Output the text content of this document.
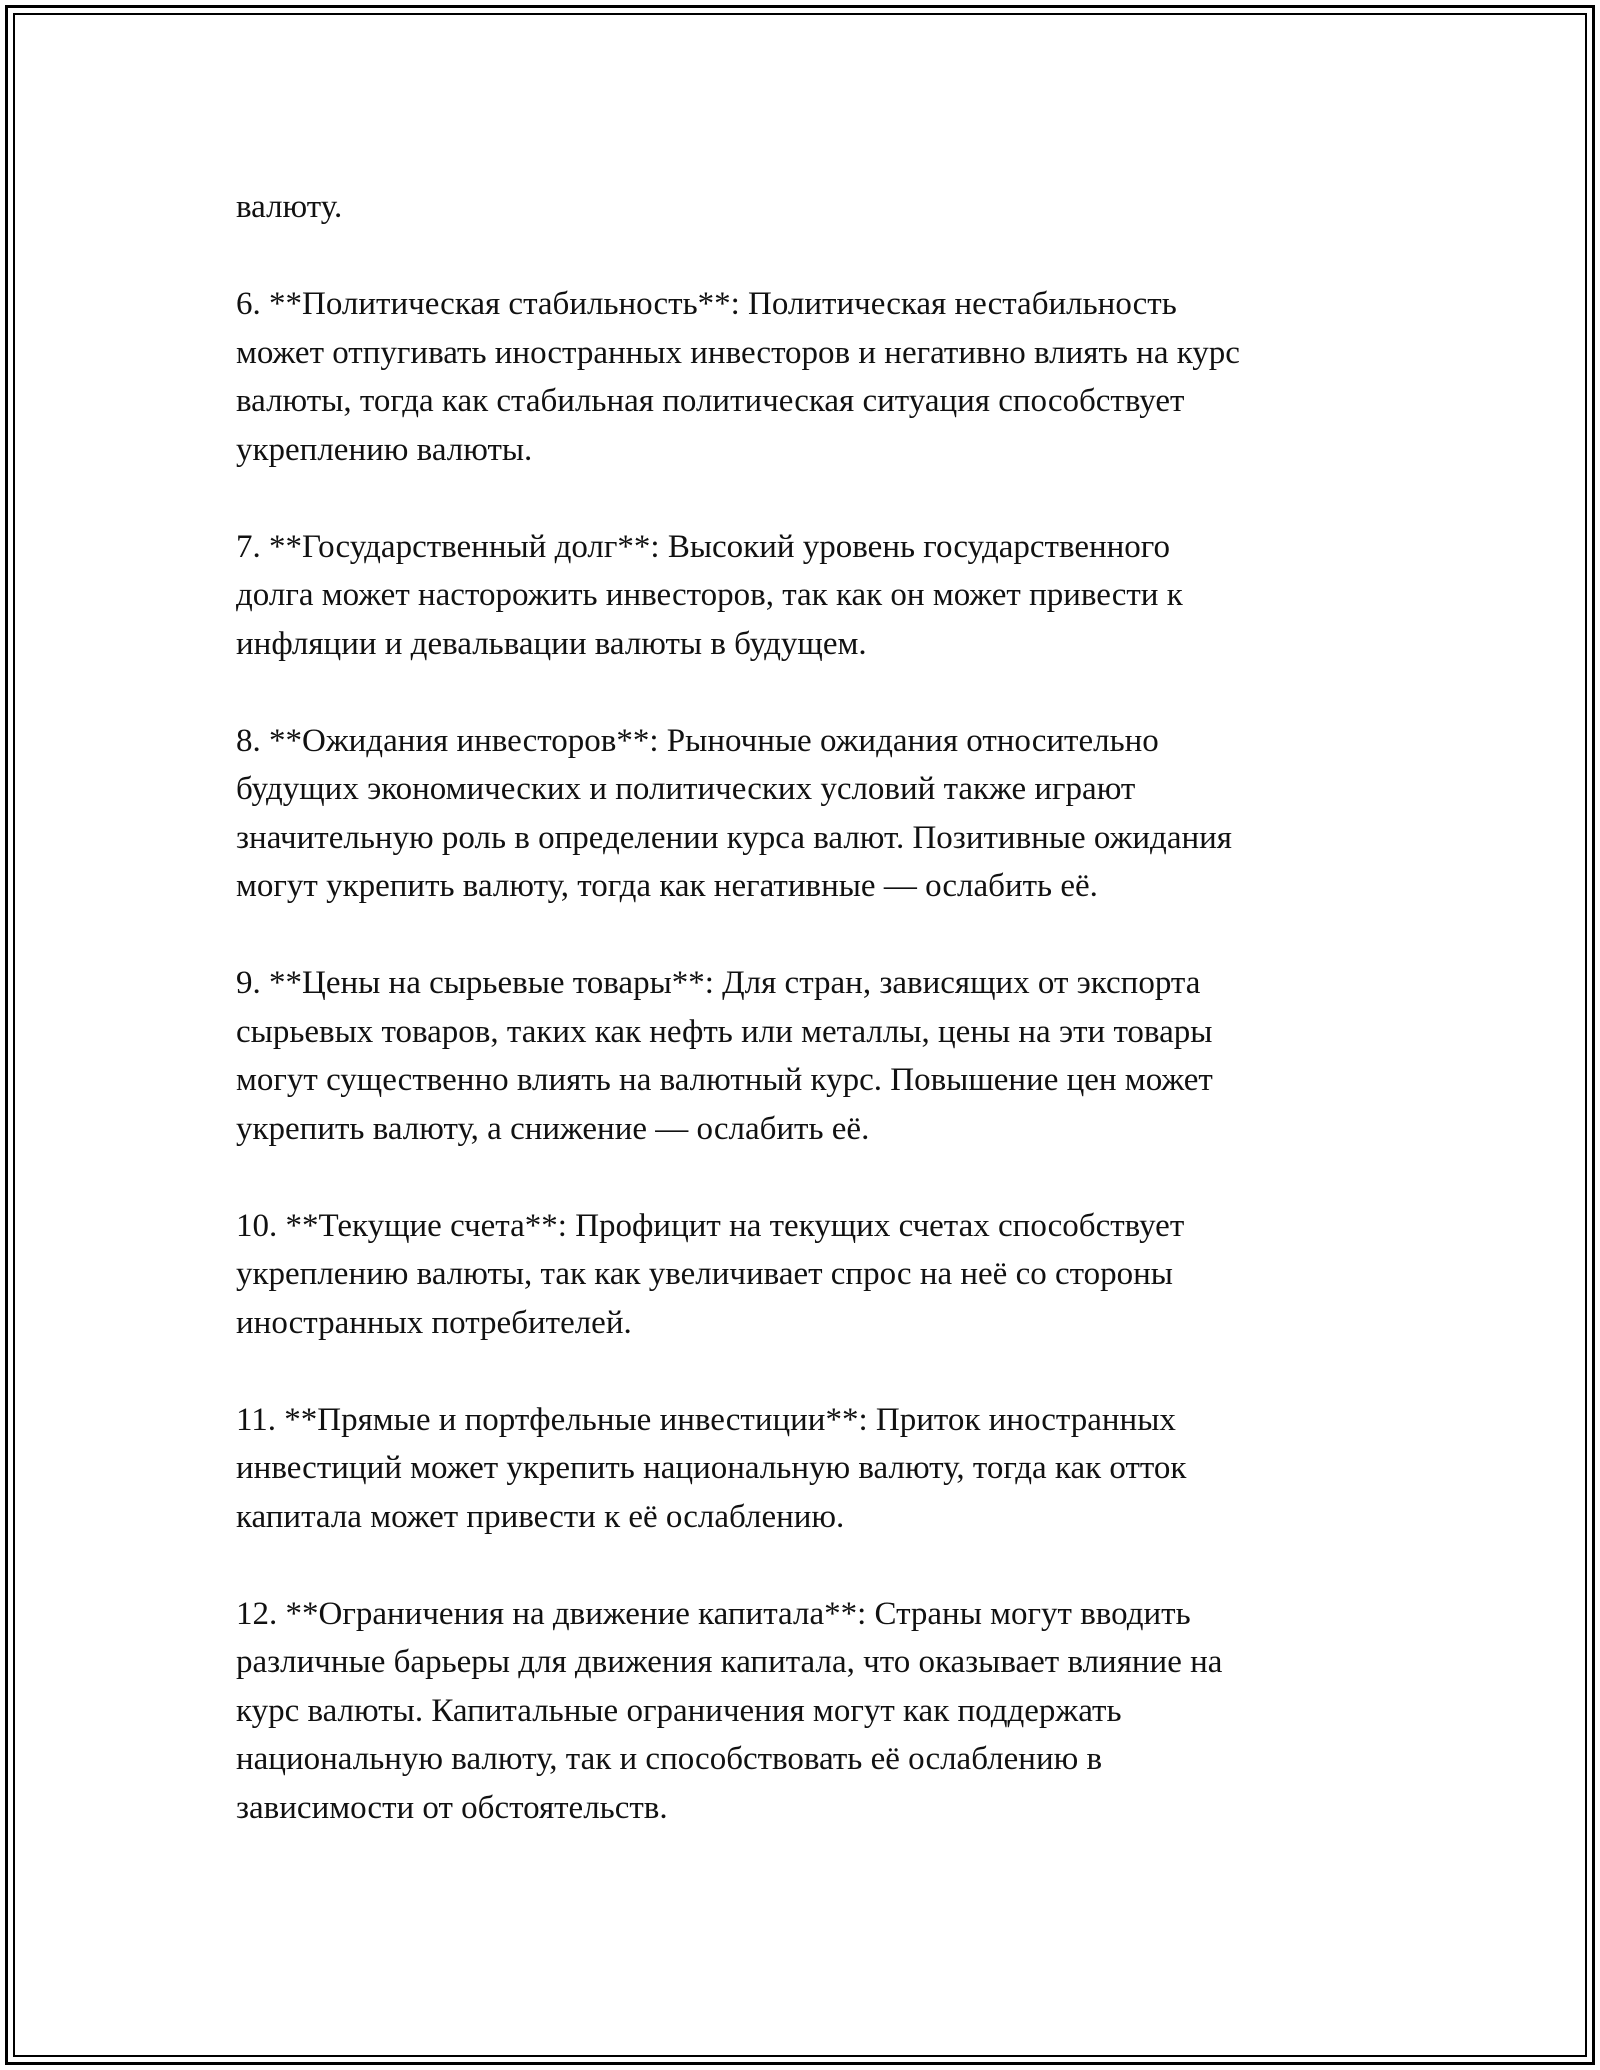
валюту.

6. **Политическая стабильность**: Политическая нестабильность
может отпугивать иностранных инвесторов и негативно влиять на курс
валюты, тогда как стабильная политическая ситуация способствует
укреплению валюты.

7. **Государственный долг**: Высокий уровень государственного
долга может насторожить инвесторов, так как он может привести к
инфляции и девальвации валюты в будущем.

8. **Ожидания инвесторов**: Рыночные ожидания относительно
будущих экономических и политических условий также играют
значительную роль в определении курса валют. Позитивные ожидания
могут укрепить валюту, тогда как негативные — ослабить её.

9. **Цены на сырьевые товары**: Для стран, зависящих от экспорта
сырьевых товаров, таких как нефть или металлы, цены на эти товары
могут существенно влиять на валютный курс. Повышение цен может
укрепить валюту, а снижение — ослабить её.

10. **Текущие счета**: Профицит на текущих счетах способствует
укреплению валюты, так как увеличивает спрос на неё со стороны
иностранных потребителей.

11. **Прямые и портфельные инвестиции**: Приток иностранных
инвестиций может укрепить национальную валюту, тогда как отток
капитала может привести к её ослаблению.

12. **Ограничения на движение капитала**: Страны могут вводить
различные барьеры для движения капитала, что оказывает влияние на
курс валюты. Капитальные ограничения могут как поддержать
национальную валюту, так и способствовать её ослаблению в
зависимости от обстоятельств.
